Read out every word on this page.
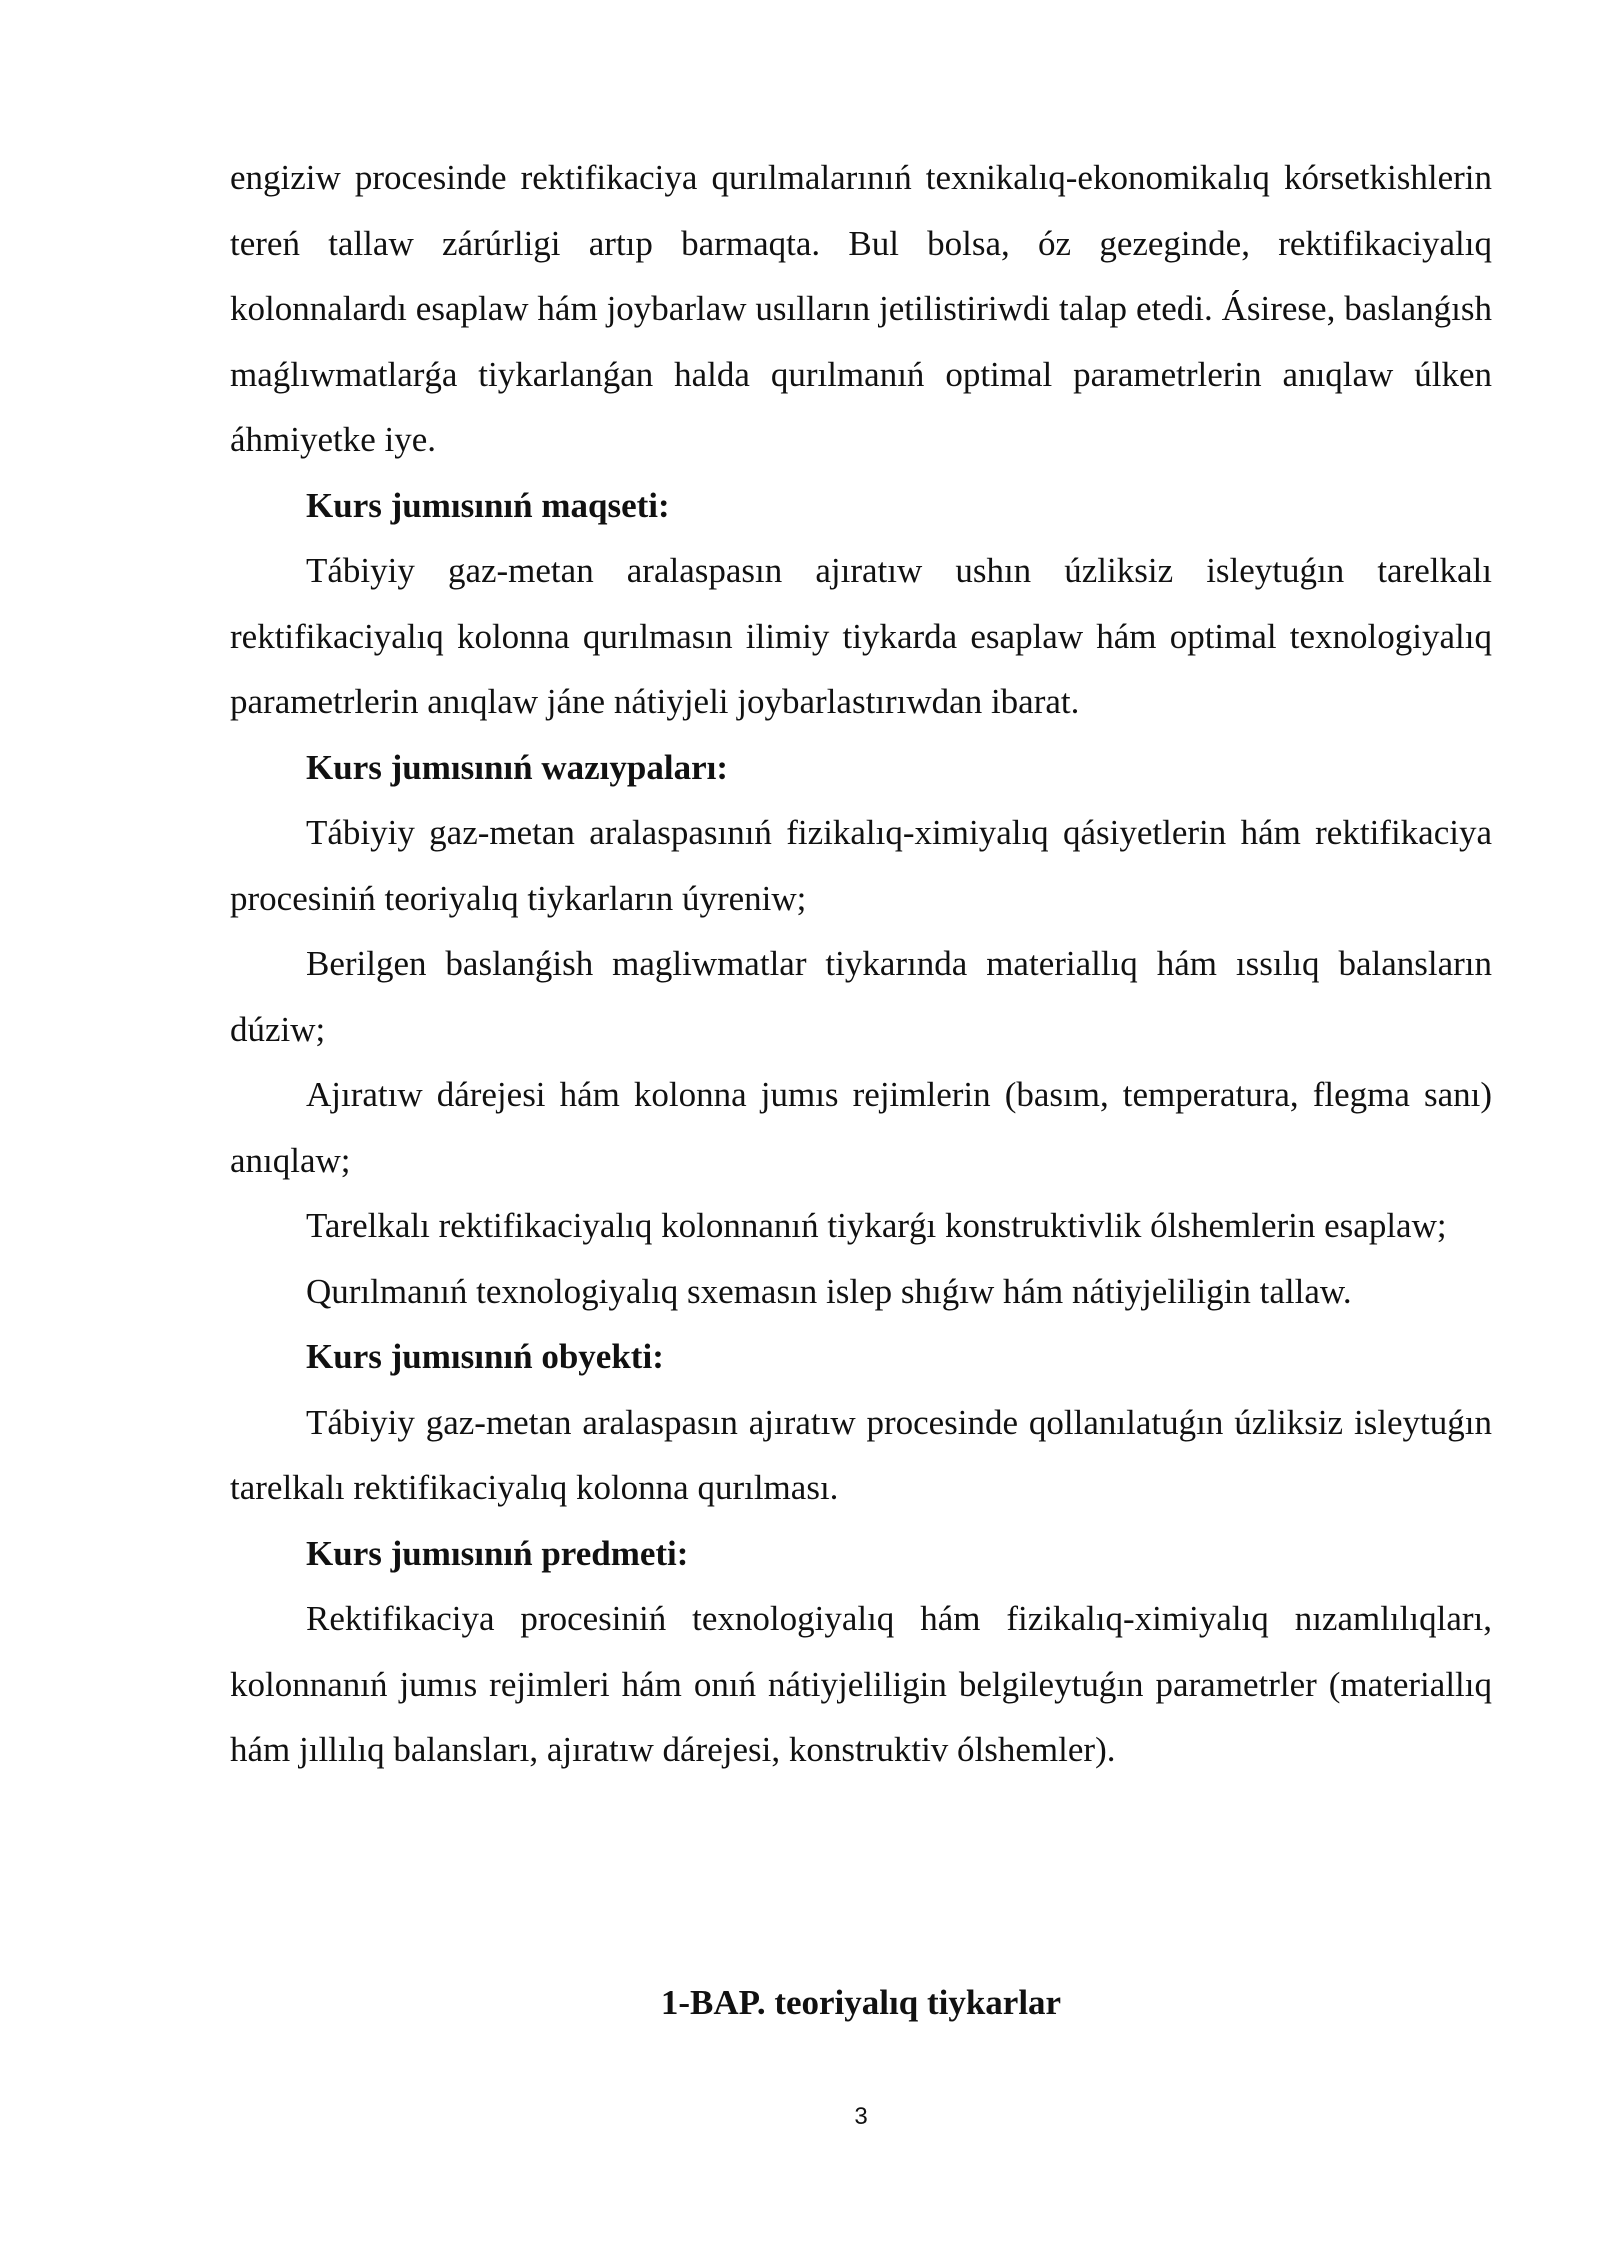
engiziw procesinde rektifikaciya qurılmalarınıń texnikalıq-ekonomikalıq kórsetkishlerin tereń tallaw zárúrligi artıp barmaqta. Bul bolsa, óz gezeginde, rektifikaciyalıq kolonnalardı esaplaw hám joybarlaw usılların jetilistiriwdi talap etedi. Ásirese, baslanǵısh maǵlıwmatlarǵa tiykarlanǵan halda qurılmanıń optimal parametrlerin anıqlaw úlken áhmiyetke iye.

Kurs jumısınıń maqseti:

Tábiyiy gaz-metan aralaspasın ajıratıw ushın úzliksiz isleytuǵın tarelkalı rektifikaciyalıq kolonna qurılmasın ilimiy tiykarda esaplaw hám optimal texnologiyalıq parametrlerin anıqlaw jáne nátiyjeli joybarlastırıwdan ibarat.

Kurs jumısınıń wazıypaları:

Tábiyiy gaz-metan aralaspasınıń fizikalıq-ximiyalıq qásiyetlerin hám rektifikaciya procesiniń teoriyalıq tiykarların úyreniw;

Berilgen baslanǵish magliwmatlar tiykarında materiallıq hám ıssılıq balansların dúziw;

Ajıratıw dárejesi hám kolonna jumıs rejimlerin (basım, temperatura, flegma sanı) anıqlaw;

Tarelkalı rektifikaciyalıq kolonnanıń tiykarǵı konstruktivlik ólshemlerin esaplaw;

Qurılmanıń texnologiyalıq sxemasın islep shıǵıw hám nátiyjeliligin tallaw.

Kurs jumısınıń obyekti:

Tábiyiy gaz-metan aralaspasın ajıratıw procesinde qollanılatuǵın úzliksiz isleytuǵın tarelkalı rektifikaciyalıq kolonna qurılması.

Kurs jumısınıń predmeti:

Rektifikaciya procesiniń texnologiyalıq hám fizikalıq-ximiyalıq nızamlılıqları, kolonnanıń jumıs rejimleri hám onıń nátiyjeliligin belgileytuǵın parametrler (materiallıq hám jıllılıq balansları, ajıratıw dárejesi, konstruktiv ólshemler).

1-BAP. teoriyalıq tiykarlar
3
